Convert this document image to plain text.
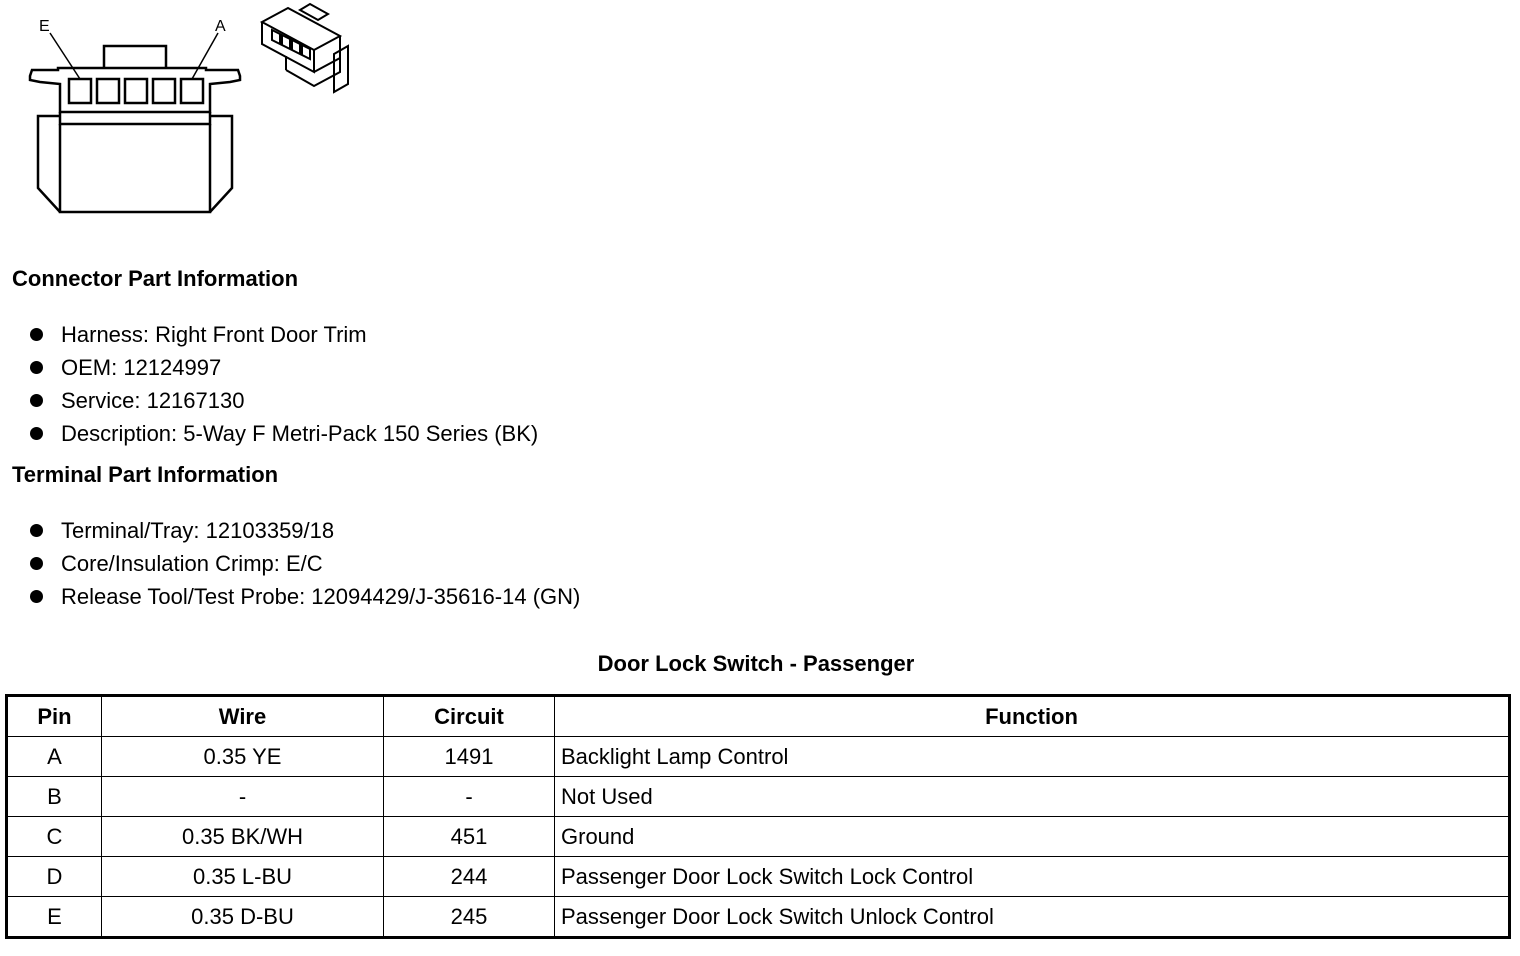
E	A
Connector Part Information
Harness: Right Front Door Trim
OEM: 12124997
Service: 12167130
Description: 5-Way F Metri-Pack 150 Series (BK)
Terminal Part Information
Terminal/Tray: 12103359/18
Core/Insulation Crimp: E/C
Release Tool/Test Probe: 12094429/J-35616-14 (GN)
Door Lock Switch - Passenger
Pin	Wire	Circuit	Function
A	0.35 YE	1491	Backlight Lamp Control
B	-	-	Not Used
C	0.35 BK/WH	451	Ground
D	0.35 L-BU	244	Passenger Door Lock Switch Lock Control
E	0.35 D-BU	245	Passenger Door Lock Switch Unlock Control
